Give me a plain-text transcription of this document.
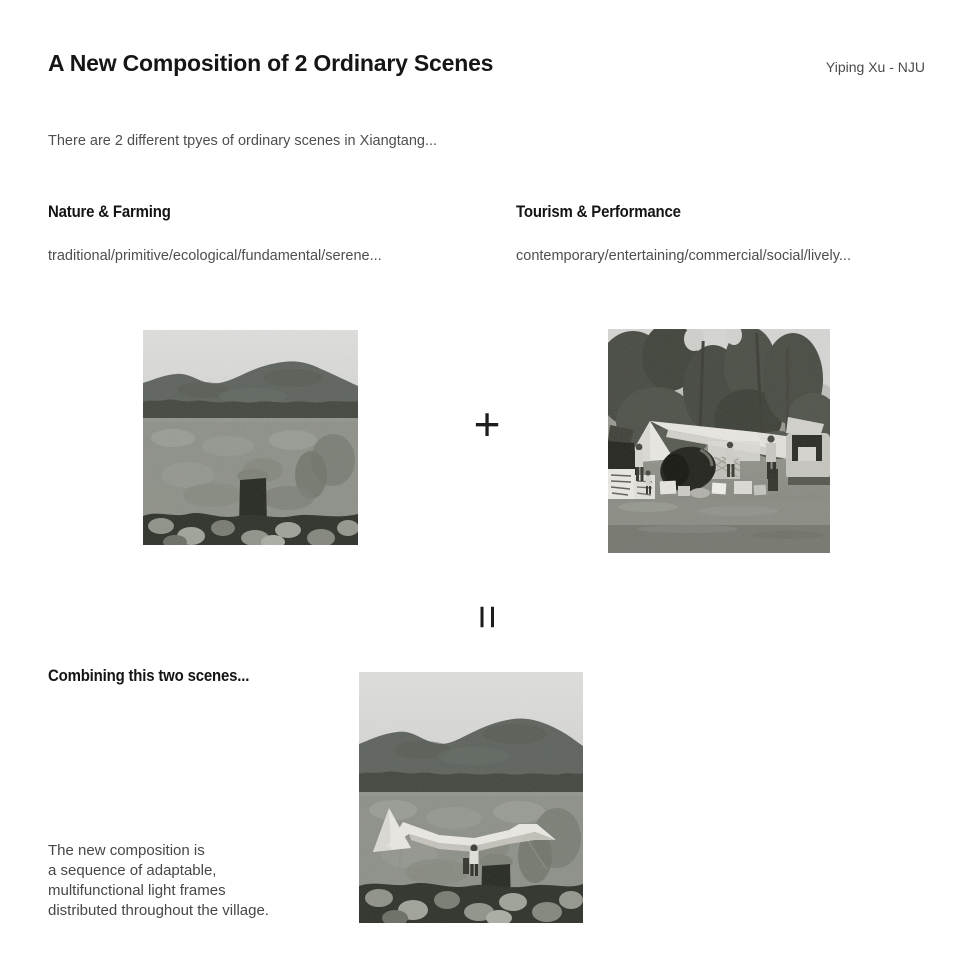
A New Composition of 2 Ordinary Scenes	Yiping Xu - NJU
There are 2 different tpyes of ordinary scenes in Xiangtang...
Nature & Farming	Tourism & Performance
traditional/primitive/ecological/fundamental/serene...	contemporary/entertaining/commercial/social/lively...
+
=
Combining this two scenes...
The new composition is
a sequence of adaptable,
multifunctional light frames
distributed throughout the village.
